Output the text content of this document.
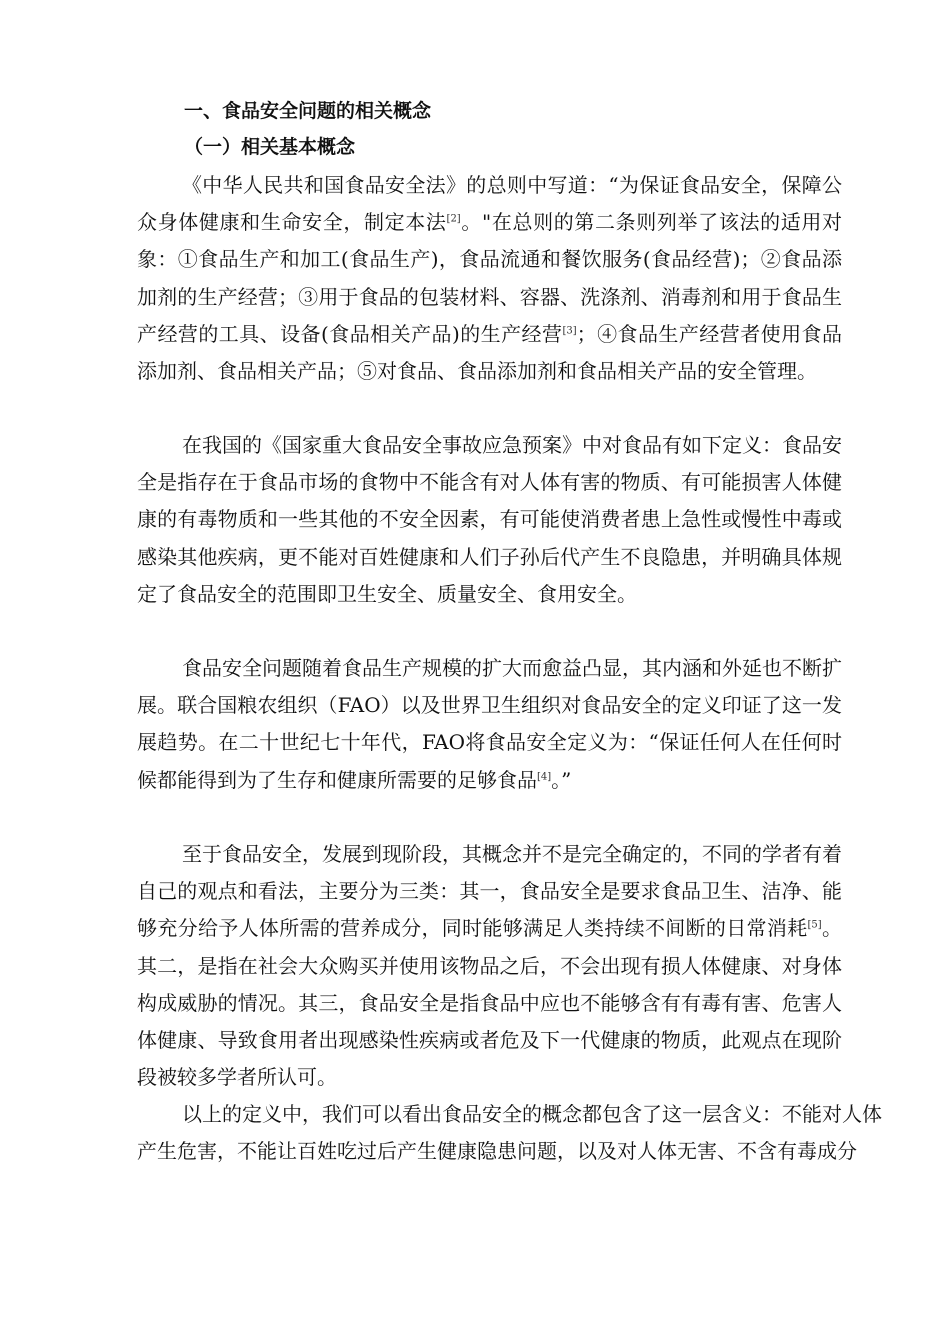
一、食品安全问题的相关概念
（一）相关基本概念

《中华人民共和国食品安全法》的总则中写道：“为保证食品安全，保障公众身体健康和生命安全，制定本法[2]。"在总则的第二条则列举了该法的适用对象：①食品生产和加工(食品生产)，食品流通和餐饮服务(食品经营)；②食品添加剂的生产经营；③用于食品的包装材料、容器、洗涤剂、消毒剂和用于食品生产经营的工具、设备(食品相关产品)的生产经营[3]；④食品生产经营者使用食品添加剂、食品相关产品；⑤对食品、食品添加剂和食品相关产品的安全管理。

在我国的《国家重大食品安全事故应急预案》中对食品有如下定义：食品安全是指存在于食品市场的食物中不能含有对人体有害的物质、有可能损害人体健康的有毒物质和一些其他的不安全因素，有可能使消费者患上急性或慢性中毒或感染其他疾病，更不能对百姓健康和人们子孙后代产生不良隐患，并明确具体规定了食品安全的范围即卫生安全、质量安全、食用安全。

食品安全问题随着食品生产规模的扩大而愈益凸显，其内涵和外延也不断扩展。联合国粮农组织（FAO）以及世界卫生组织对食品安全的定义印证了这一发展趋势。在二十世纪七十年代，FAO将食品安全定义为：“保证任何人在任何时候都能得到为了生存和健康所需要的足够食品[4]。”

至于食品安全，发展到现阶段，其概念并不是完全确定的，不同的学者有着自己的观点和看法，主要分为三类：其一，食品安全是要求食品卫生、洁净、能够充分给予人体所需的营养成分，同时能够满足人类持续不间断的日常消耗[5]。其二，是指在社会大众购买并使用该物品之后，不会出现有损人体健康、对身体构成威胁的情况。其三，食品安全是指食品中应也不能够含有有毒有害、危害人体健康、导致食用者出现感染性疾病或者危及下一代健康的物质，此观点在现阶段被较多学者所认可。

以上的定义中，我们可以看出食品安全的概念都包含了这一层含义：不能对人体
产生危害，不能让百姓吃过后产生健康隐患问题，以及对人体无害、不含有毒成分
